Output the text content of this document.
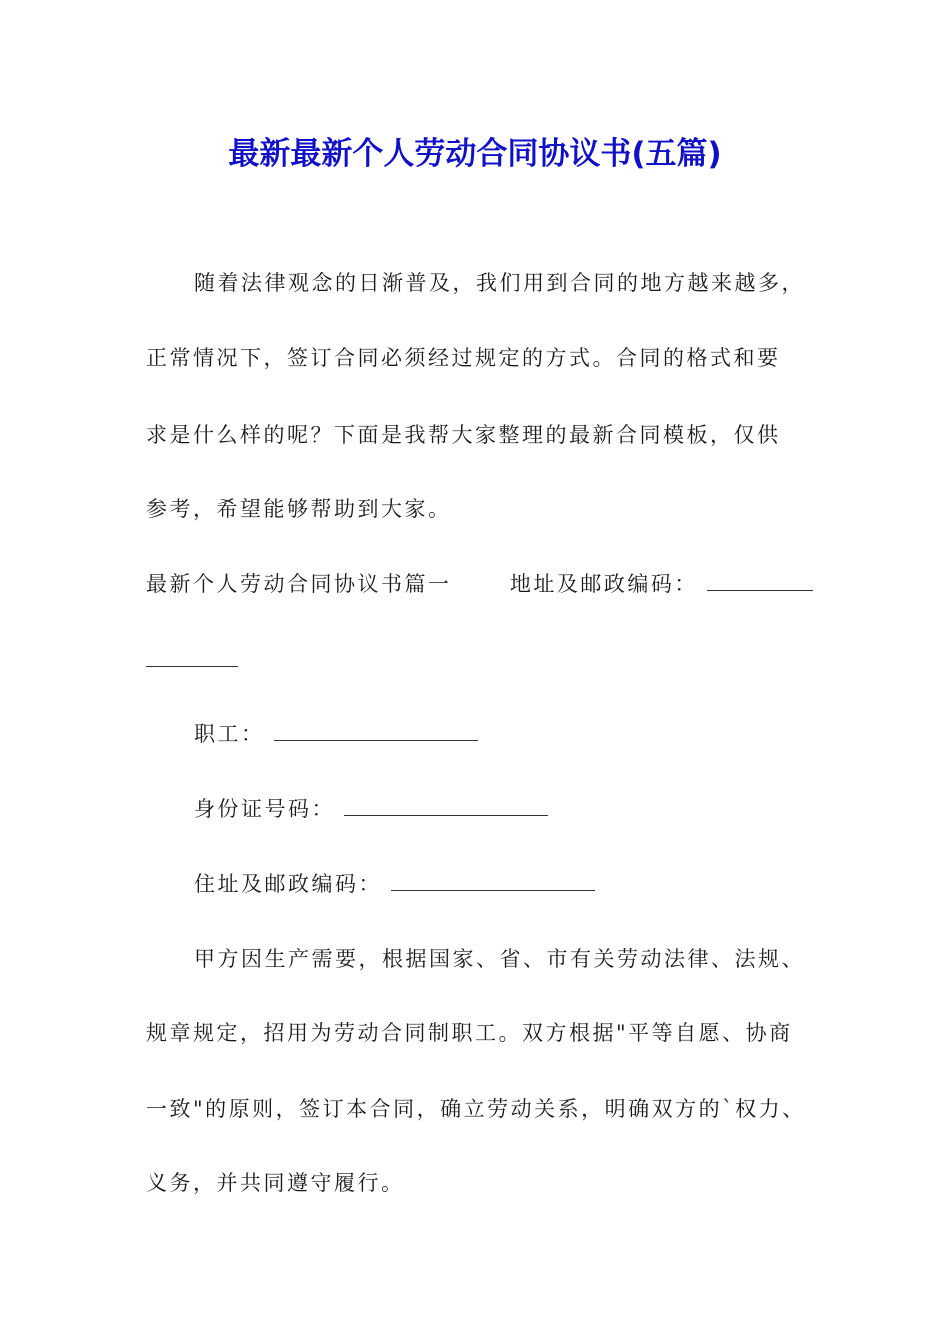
最新最新个人劳动合同协议书(五篇)
随着法律观念的日渐普及，我们用到合同的地方越来越多，
正常情况下，签订合同必须经过规定的方式。合同的格式和要
求是什么样的呢？下面是我帮大家整理的最新合同模板，仅供
参考，希望能够帮助到大家。
最新个人劳动合同协议书篇一	地址及邮政编码：
职工：
身份证号码：
住址及邮政编码：
甲方因生产需要，根据国家、省、市有关劳动法律、法规、
规章规定，招用为劳动合同制职工。双方根据"平等自愿、协商
一致"的原则，签订本合同，确立劳动关系，明确双方的`权力、
义务，并共同遵守履行。
